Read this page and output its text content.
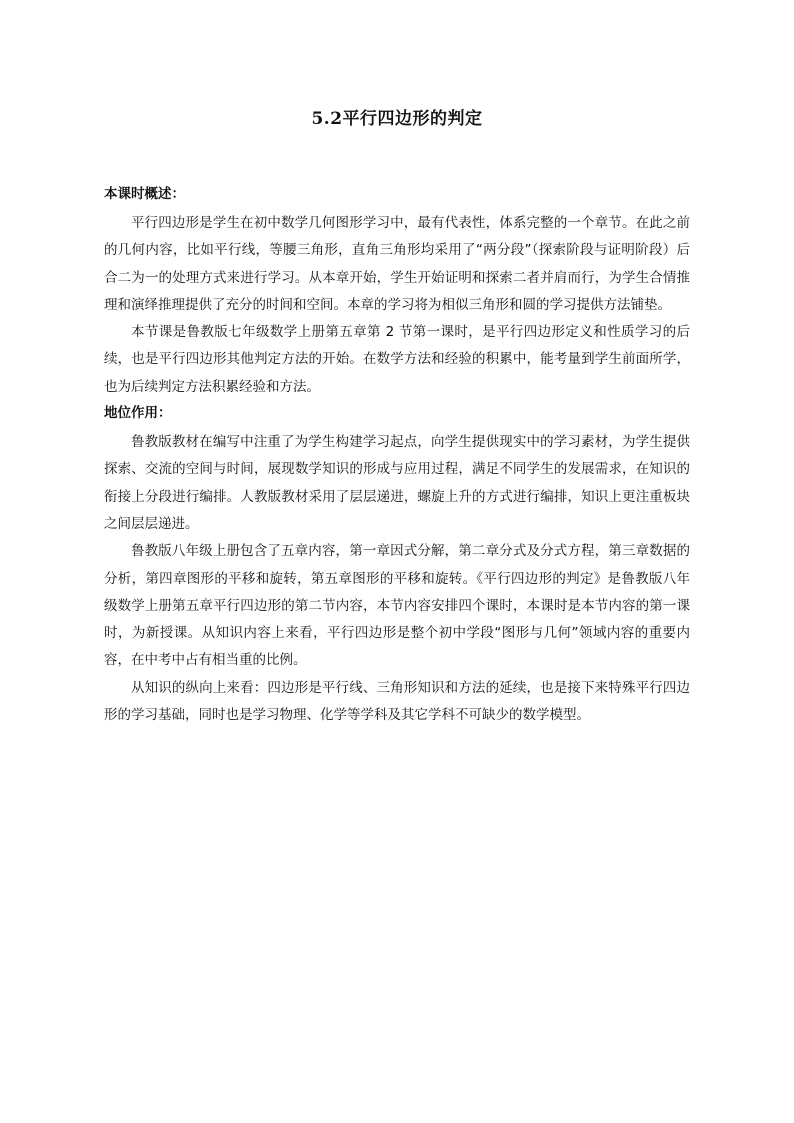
5.2平行四边形的判定
本课时概述：

平行四边形是学生在初中数学几何图形学习中，最有代表性，体系完整的一个章节。在此之前的几何内容，比如平行线，等腰三角形，直角三角形均采用了“两分段”（探索阶段与证明阶段）后合二为一的处理方式来进行学习。从本章开始，学生开始证明和探索二者并肩而行，为学生合情推理和演绎推理提供了充分的时间和空间。本章的学习将为相似三角形和圆的学习提供方法铺垫。

本节课是鲁教版七年级数学上册第五章第 2 节第一课时，是平行四边形定义和性质学习的后续，也是平行四边形其他判定方法的开始。在数学方法和经验的积累中，能考量到学生前面所学，也为后续判定方法积累经验和方法。

地位作用：

鲁教版教材在编写中注重了为学生构建学习起点，向学生提供现实中的学习素材，为学生提供探索、交流的空间与时间，展现数学知识的形成与应用过程，满足不同学生的发展需求，在知识的衔接上分段进行编排。人教版教材采用了层层递进，螺旋上升的方式进行编排，知识上更注重板块之间层层递进。

鲁教版八年级上册包含了五章内容，第一章因式分解，第二章分式及分式方程，第三章数据的分析，第四章图形的平移和旋转，第五章图形的平移和旋转。《平行四边形的判定》是鲁教版八年级数学上册第五章平行四边形的第二节内容，本节内容安排四个课时，本课时是本节内容的第一课时，为新授课。从知识内容上来看，平行四边形是整个初中学段“图形与几何”领域内容的重要内容，在中考中占有相当重的比例。

从知识的纵向上来看：四边形是平行线、三角形知识和方法的延续，也是接下来特殊平行四边形的学习基础，同时也是学习物理、化学等学科及其它学科不可缺少的数学模型。
